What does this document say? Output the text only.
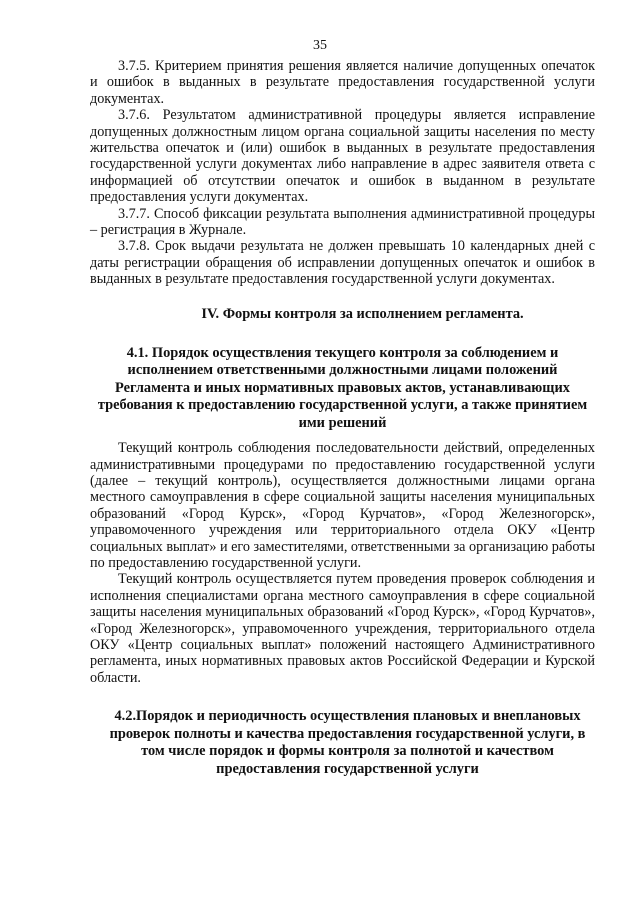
35

3.7.5. Критерием принятия решения является наличие допущенных опечаток и ошибок в выданных в результате предоставления государственной услуги документах.

3.7.6. Результатом административной процедуры является исправление допущенных должностным лицом органа социальной защиты населения по месту жительства опечаток и (или) ошибок в выданных в результате предоставления государственной услуги документах либо направление в адрес заявителя ответа с информацией об отсутствии опечаток и ошибок в выданном в результате предоставления услуги документах.

3.7.7. Способ фиксации результата выполнения административной процедуры – регистрация в Журнале.

3.7.8. Срок выдачи результата не должен превышать 10 календарных дней с даты регистрации обращения об исправлении допущенных опечаток и ошибок в выданных в результате предоставления государственной услуги документах.

IV. Формы контроля за исполнением регламента.
4.1. Порядок осуществления текущего контроля за соблюдением и исполнением ответственными должностными лицами положений Регламента и иных нормативных правовых актов, устанавливающих требования к предоставлению государственной услуги, а также принятием ими решений

Текущий контроль соблюдения последовательности действий, определенных административными процедурами по предоставлению государственной услуги (далее – текущий контроль), осуществляется должностными лицами органа местного самоуправления в сфере социальной защиты населения муниципальных образований «Город Курск», «Город Курчатов», «Город Железногорск», управомоченного учреждения или территориального отдела ОКУ «Центр социальных выплат» и его заместителями, ответственными за организацию работы по предоставлению государственной услуги.

Текущий контроль осуществляется путем проведения проверок соблюдения и исполнения специалистами органа местного самоуправления в сфере социальной защиты населения муниципальных образований «Город Курск», «Город Курчатов», «Город Железногорск», управомоченного учреждения, территориального отдела ОКУ «Центр социальных выплат» положений настоящего Административного регламента, иных нормативных правовых актов Российской Федерации и Курской области.

4.2.Порядок и периодичность осуществления плановых и внеплановых проверок полноты и качества предоставления государственной услуги, в том числе порядок и формы контроля за полнотой и качеством предоставления государственной услуги
